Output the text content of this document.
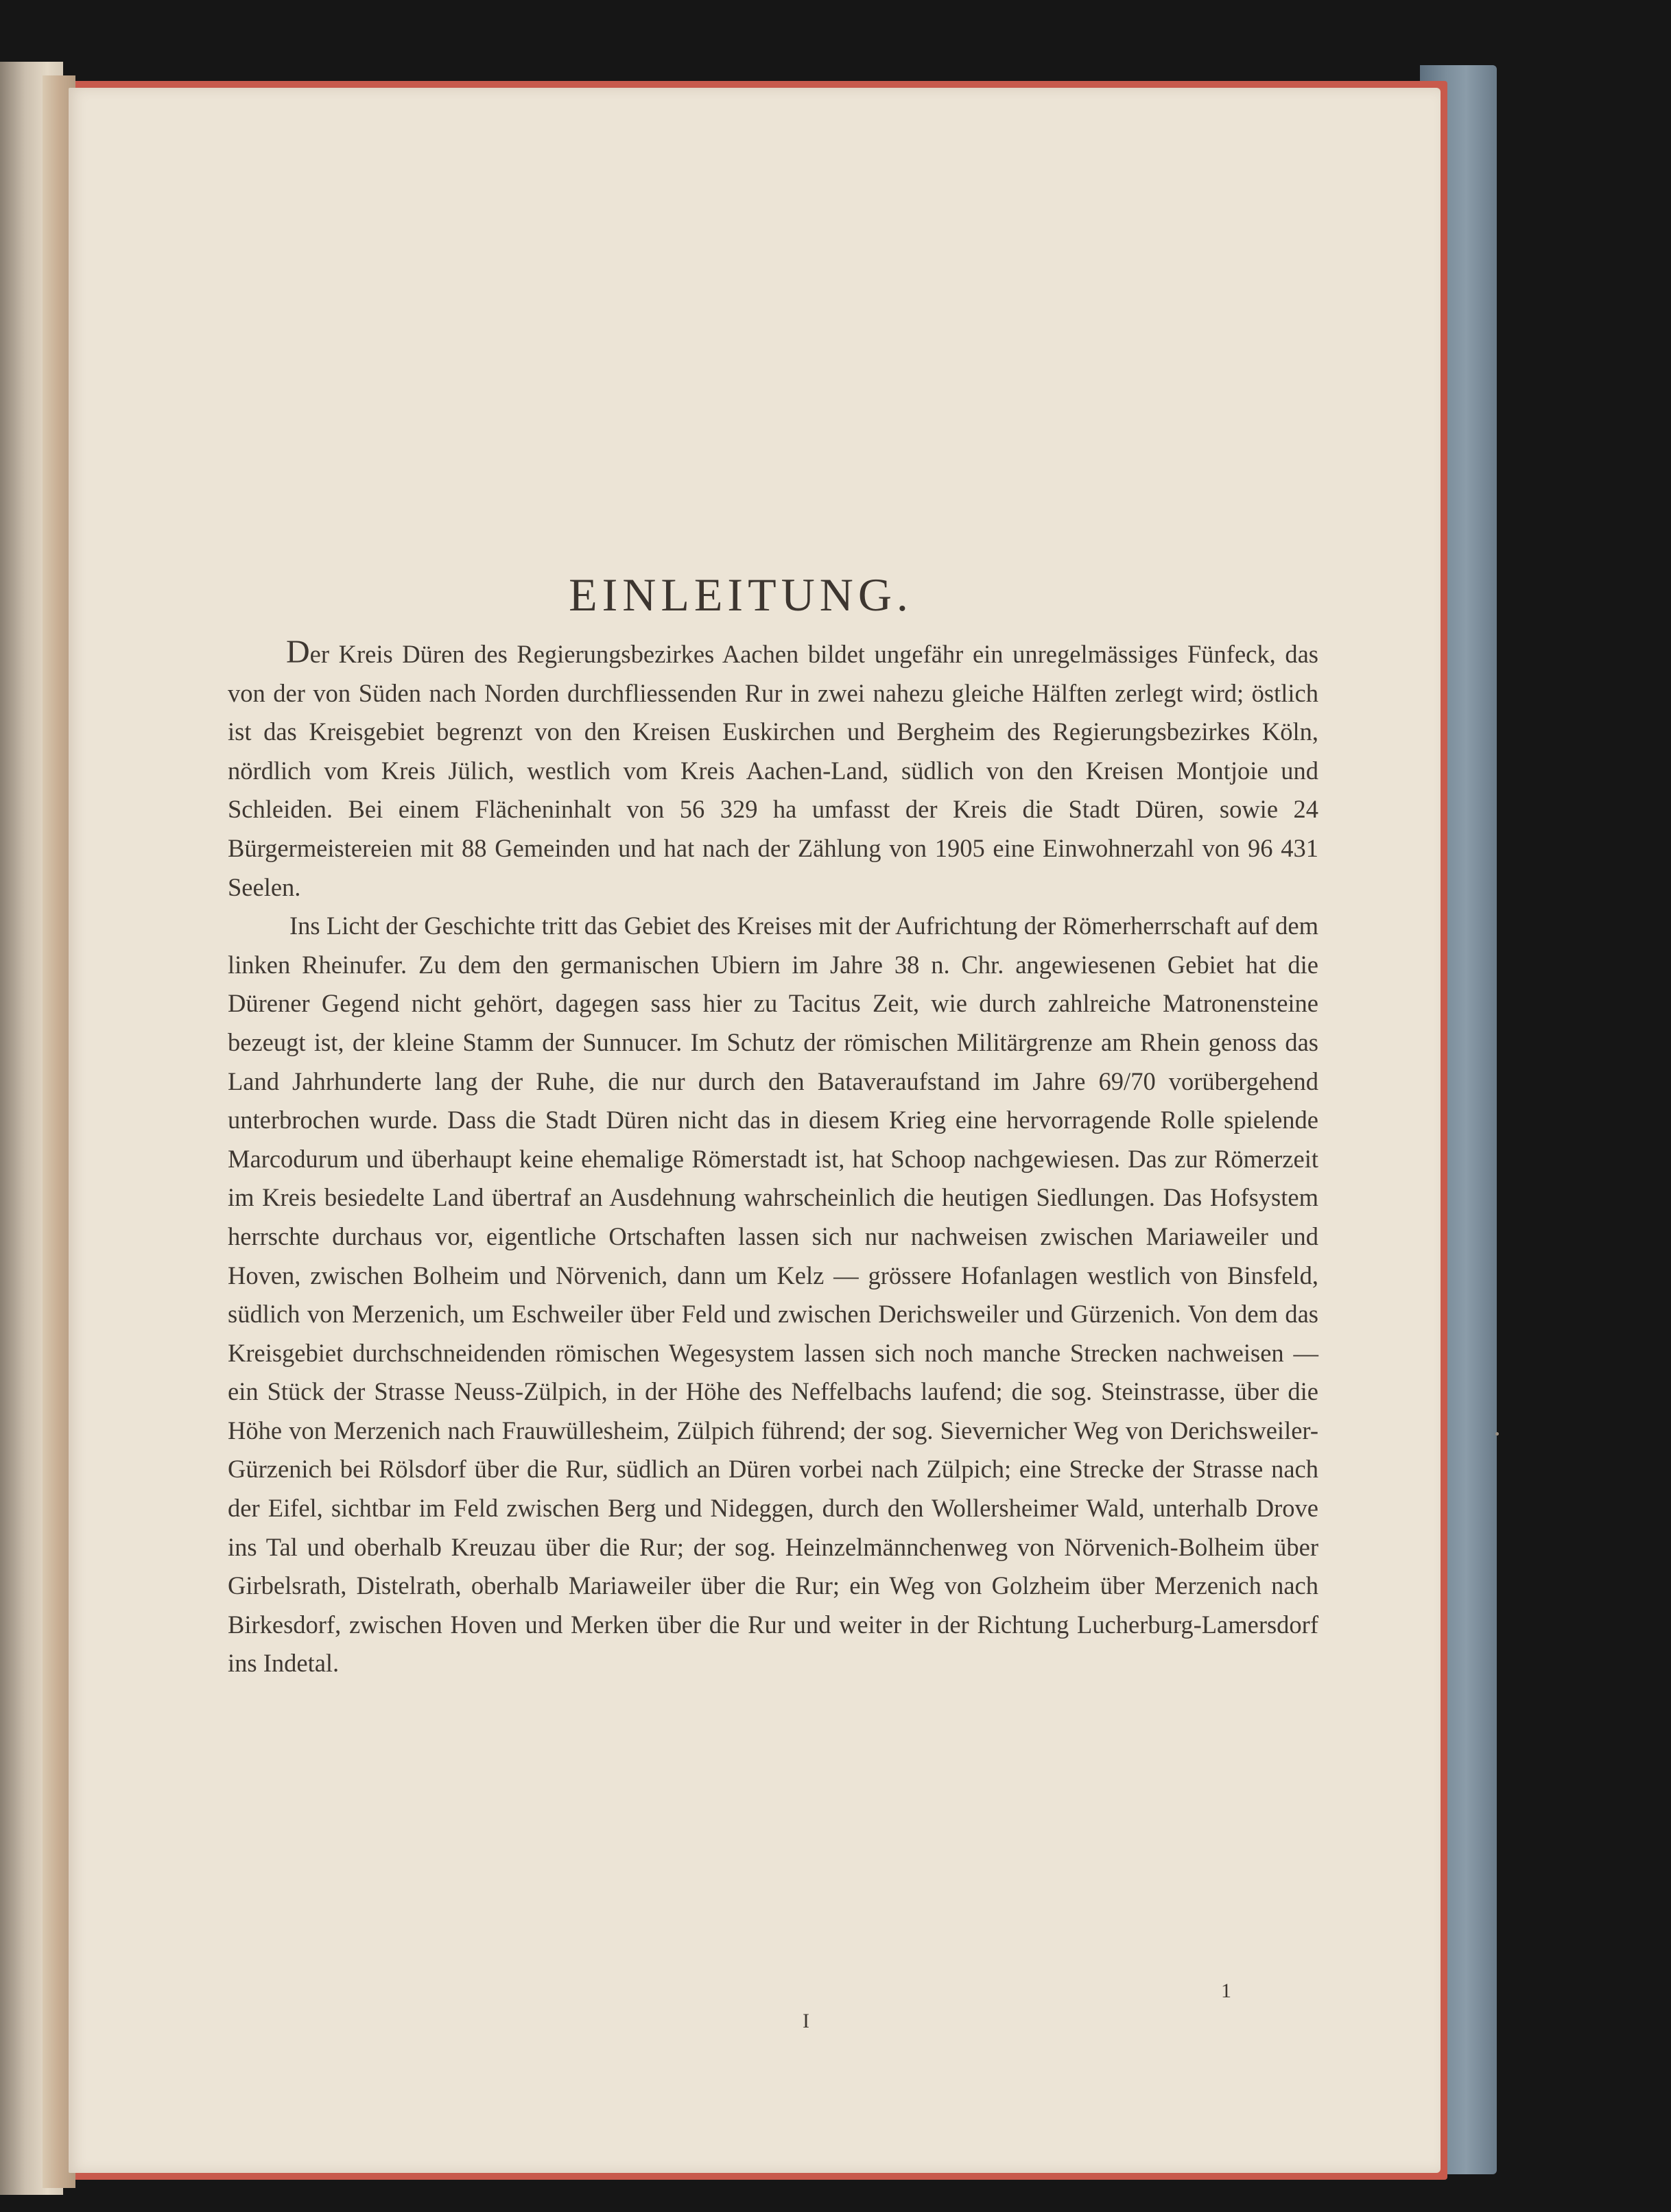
EINLEITUNG.

Der Kreis Düren des Regierungsbezirkes Aachen bildet ungefähr ein unregelmässiges Fünfeck, das von der von Süden nach Norden durchfliessenden Rur in zwei nahezu gleiche Hälften zerlegt wird; östlich ist das Kreisgebiet begrenzt von den Kreisen Euskirchen und Bergheim des Regierungsbezirkes Köln, nördlich vom Kreis Jülich, westlich vom Kreis Aachen-Land, südlich von den Kreisen Montjoie und Schleiden. Bei einem Flächeninhalt von 56 329 ha umfasst der Kreis die Stadt Düren, sowie 24 Bürgermeistereien mit 88 Gemeinden und hat nach der Zählung von 1905 eine Einwohnerzahl von 96 431 Seelen.

Ins Licht der Geschichte tritt das Gebiet des Kreises mit der Aufrichtung der Römerherrschaft auf dem linken Rheinufer. Zu dem den germanischen Ubiern im Jahre 38 n. Chr. angewiesenen Gebiet hat die Dürener Gegend nicht gehört, dagegen sass hier zu Tacitus Zeit, wie durch zahlreiche Matronensteine bezeugt ist, der kleine Stamm der Sunnucer. Im Schutz der römischen Militärgrenze am Rhein genoss das Land Jahrhunderte lang der Ruhe, die nur durch den Bataveraufstand im Jahre 69/70 vorübergehend unterbrochen wurde. Dass die Stadt Düren nicht das in diesem Krieg eine hervorragende Rolle spielende Marcodurum und überhaupt keine ehemalige Römerstadt ist, hat Schoop nachgewiesen. Das zur Römerzeit im Kreis besiedelte Land übertraf an Ausdehnung wahrscheinlich die heutigen Siedlungen. Das Hofsystem herrschte durchaus vor, eigentliche Ortschaften lassen sich nur nachweisen zwischen Mariaweiler und Hoven, zwischen Bolheim und Nörvenich, dann um Kelz — grössere Hofanlagen westlich von Binsfeld, südlich von Merzenich, um Eschweiler über Feld und zwischen Derichsweiler und Gürzenich. Von dem das Kreisgebiet durchschneidenden römischen Wegesystem lassen sich noch manche Strecken nachweisen — ein Stück der Strasse Neuss-Zülpich, in der Höhe des Neffelbachs laufend; die sog. Steinstrasse, über die Höhe von Merzenich nach Frauwüllesheim, Zülpich führend; der sog. Sievernicher Weg von Derichsweiler-Gürzenich bei Rölsdorf über die Rur, südlich an Düren vorbei nach Zülpich; eine Strecke der Strasse nach der Eifel, sichtbar im Feld zwischen Berg und Nideggen, durch den Wollersheimer Wald, unterhalb Drove ins Tal und oberhalb Kreuzau über die Rur; der sog. Heinzelmännchenweg von Nörvenich-Bolheim über Girbelsrath, Distelrath, oberhalb Mariaweiler über die Rur; ein Weg von Golzheim über Merzenich nach Birkesdorf, zwischen Hoven und Merken über die Rur und weiter in der Richtung Lucherburg-Lamersdorf ins Indetal.

1
I
